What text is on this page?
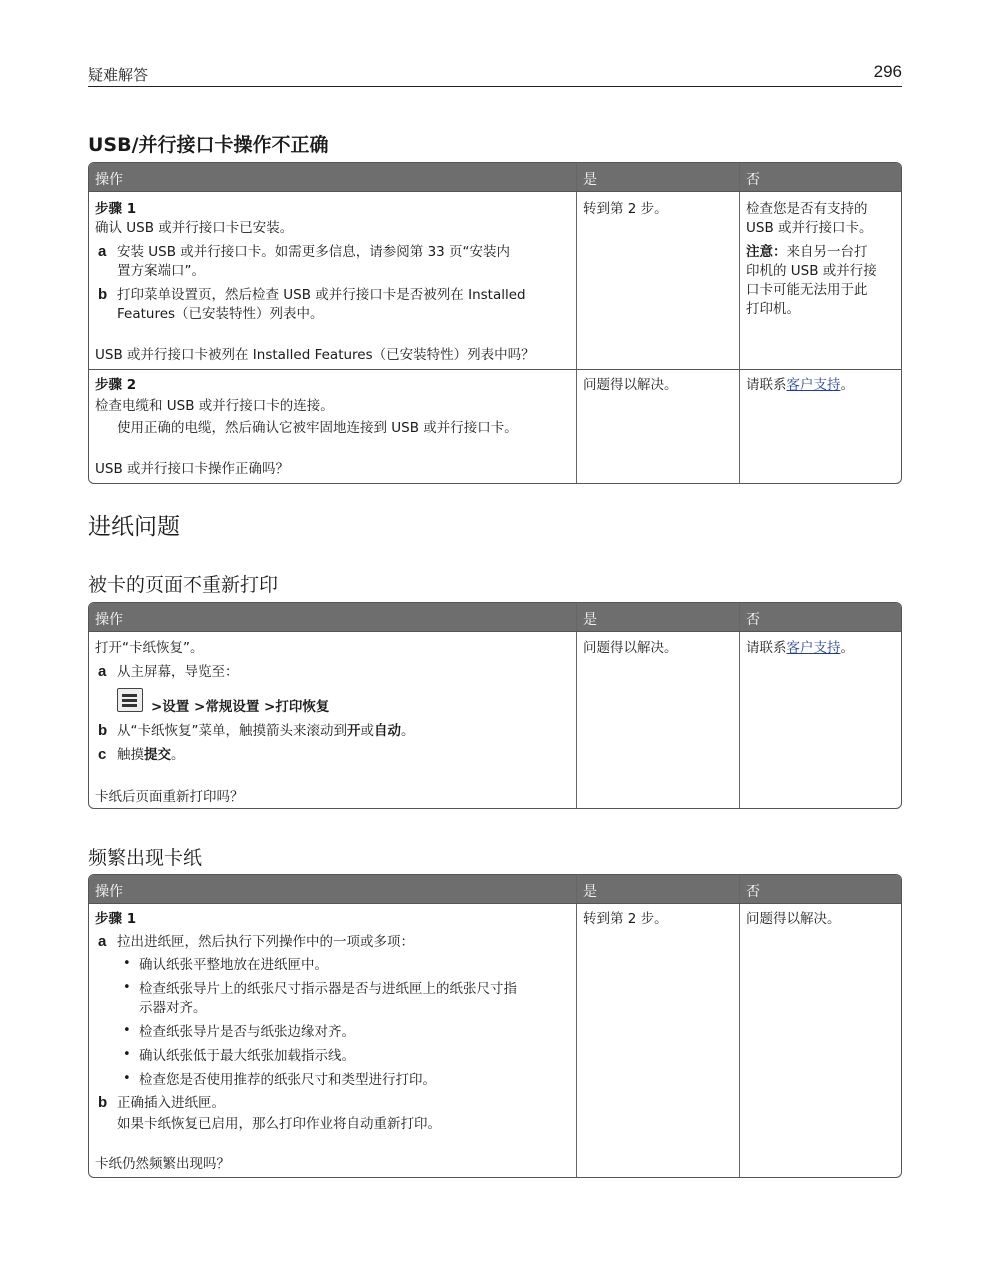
疑难解答	296
USB/并行接口卡操作不正确
操作	是	否
步骤 1
确认 USB 或并行接口卡已安装。
a 安装 USB 或并行接口卡。如需更多信息，请参阅第 33 页“安装内
置方案端口”。
b 打印菜单设置页，然后检查 USB 或并行接口卡是否被列在 Installed
Features（已安装特性）列表中。
USB 或并行接口卡被列在 Installed Features（已安装特性）列表中吗？
转到第 2 步。	检查您是否有支持的
USB 或并行接口卡。
注意：来自另一台打
印机的 USB 或并行接
口卡可能无法用于此
打印机。
步骤 2
检查电缆和 USB 或并行接口卡的连接。
使用正确的电缆，然后确认它被牢固地连接到 USB 或并行接口卡。
USB 或并行接口卡操作正确吗？
问题得以解决。	请联系客户支持。
进纸问题
被卡的页面不重新打印
操作	是	否
打开“卡纸恢复”。
a 从主屏幕，导览至：
>设置 >常规设置 >打印恢复
b 从“卡纸恢复”菜单，触摸箭头来滚动到开或自动。
c 触摸提交。
卡纸后页面重新打印吗？
问题得以解决。	请联系客户支持。
频繁出现卡纸
操作	是	否
步骤 1
a 拉出进纸匣，然后执行下列操作中的一项或多项：
• 确认纸张平整地放在进纸匣中。
• 检查纸张导片上的纸张尺寸指示器是否与进纸匣上的纸张尺寸指
示器对齐。
• 检查纸张导片是否与纸张边缘对齐。
• 确认纸张低于最大纸张加载指示线。
• 检查您是否使用推荐的纸张尺寸和类型进行打印。
b 正确插入进纸匣。
如果卡纸恢复已启用，那么打印作业将自动重新打印。
卡纸仍然频繁出现吗？
转到第 2 步。	问题得以解决。
